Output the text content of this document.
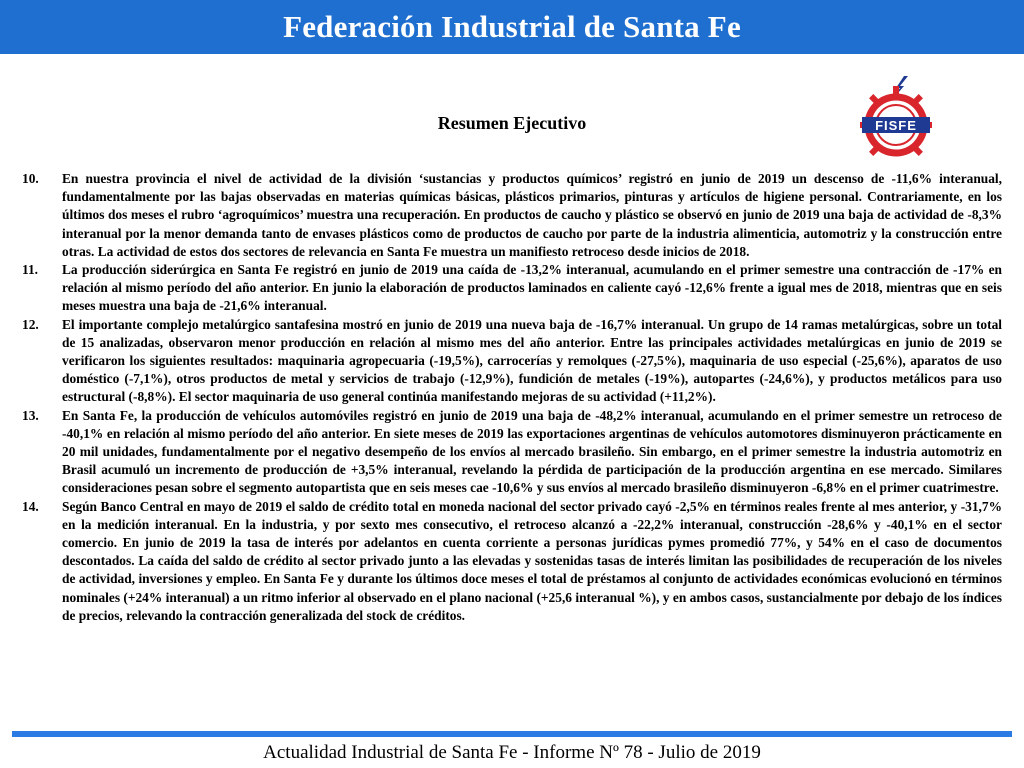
Federación Industrial de Santa Fe
Resumen Ejecutivo	FISFE
10.	En nuestra provincia el nivel de actividad de la división ‘sustancias y productos químicos’ registró en junio de 2019 un descenso de -11,6% interanual, fundamentalmente por las bajas observadas en materias químicas básicas, plásticos primarios, pinturas y artículos de higiene personal. Contrariamente, en los últimos dos meses el rubro ‘agroquímicos’ muestra una recuperación. En productos de caucho y plástico se observó en junio de 2019 una baja de actividad de -8,3% interanual por la menor demanda tanto de envases plásticos como de productos de caucho por parte de la industria alimenticia, automotriz y la construcción entre otras. La actividad de estos dos sectores de relevancia en Santa Fe muestra un manifiesto retroceso desde inicios de 2018.
11.	La producción siderúrgica en Santa Fe registró en junio de 2019 una caída de -13,2% interanual, acumulando en el primer semestre una contracción de -17% en relación al mismo período del año anterior. En junio la elaboración de productos laminados en caliente cayó -12,6% frente a igual mes de 2018, mientras que en seis meses muestra una baja de -21,6% interanual.
12.	El importante complejo metalúrgico santafesina mostró en junio de 2019 una nueva baja de -16,7% interanual. Un grupo de 14 ramas metalúrgicas, sobre un total de 15 analizadas, observaron menor producción en relación al mismo mes del año anterior. Entre las principales actividades metalúrgicas en junio de 2019 se verificaron los siguientes resultados: maquinaria agropecuaria (-19,5%), carrocerías y remolques (-27,5%), maquinaria de uso especial (-25,6%), aparatos de uso doméstico (-7,1%), otros productos de metal y servicios de trabajo (-12,9%), fundición de metales (-19%), autopartes (-24,6%), y productos metálicos para uso estructural (-8,8%). El sector maquinaria de uso general continúa manifestando mejoras de su actividad (+11,2%).
13.	En Santa Fe, la producción de vehículos automóviles registró en junio de 2019 una baja de -48,2% interanual, acumulando en el primer semestre un retroceso de -40,1% en relación al mismo período del año anterior. En siete meses de 2019 las exportaciones argentinas de vehículos automotores disminuyeron prácticamente en 20 mil unidades, fundamentalmente por el negativo desempeño de los envíos al mercado brasileño. Sin embargo, en el primer semestre la industria automotriz en Brasil acumuló un incremento de producción de +3,5% interanual, revelando la pérdida de participación de la producción argentina en ese mercado. Similares consideraciones pesan sobre el segmento autopartista que en seis meses cae -10,6% y sus envíos al mercado brasileño disminuyeron -6,8% en el primer cuatrimestre.
14.	Según Banco Central en mayo de 2019 el saldo de crédito total en moneda nacional del sector privado cayó -2,5% en términos reales frente al mes anterior, y -31,7% en la medición interanual. En la industria, y por sexto mes consecutivo, el retroceso alcanzó a -22,2% interanual, construcción -28,6% y -40,1% en el sector comercio. En junio de 2019 la tasa de interés por adelantos en cuenta corriente a personas jurídicas pymes promedió 77%, y 54% en el caso de documentos descontados. La caída del saldo de crédito al sector privado junto a las elevadas y sostenidas tasas de interés limitan las posibilidades de recuperación de los niveles de actividad, inversiones y empleo. En Santa Fe y durante los últimos doce meses el total de préstamos al conjunto de actividades económicas evolucionó en términos nominales (+24% interanual) a un ritmo inferior al observado en el plano nacional (+25,6 interanual %), y en ambos casos, sustancialmente por debajo de los índices de precios, relevando la contracción generalizada del stock de créditos.
Actualidad Industrial de Santa Fe - Informe Nº 78 - Julio de 2019
